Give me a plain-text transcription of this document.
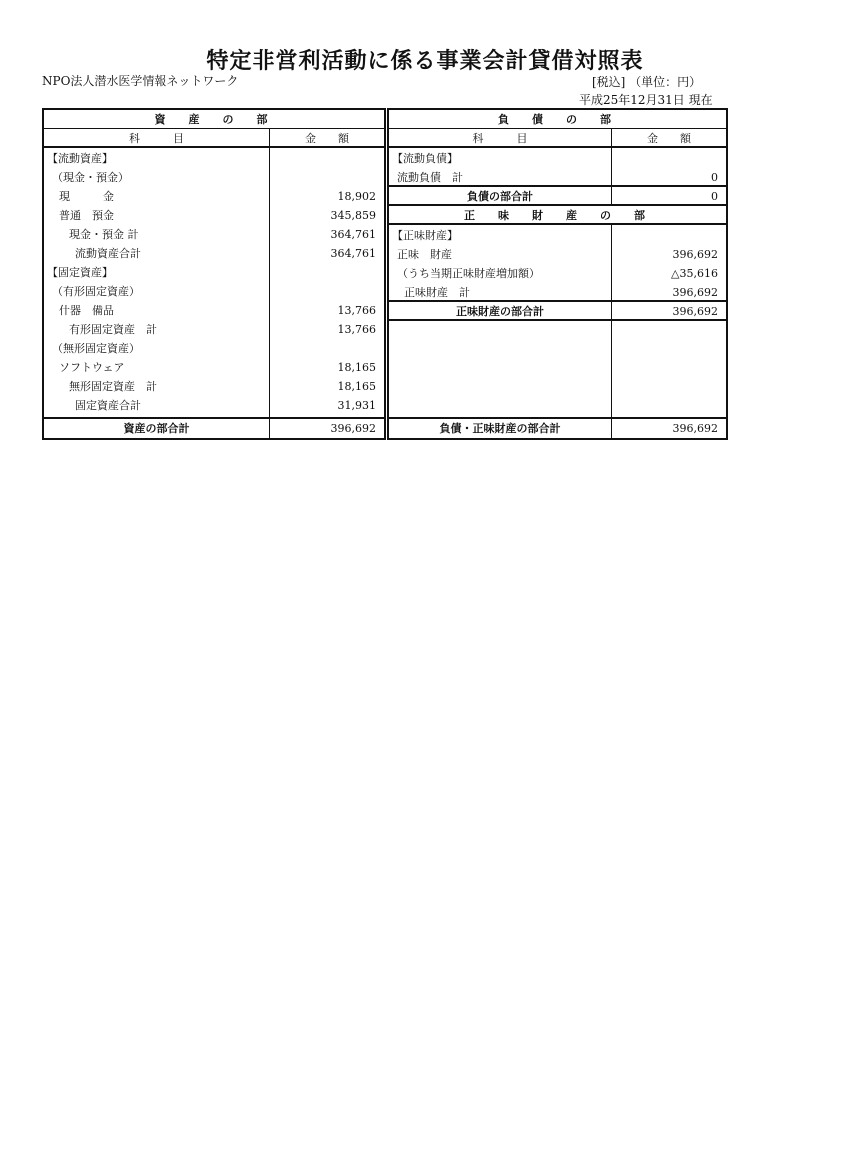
特定非営利活動に係る事業会計貸借対照表
NPO法人潜水医学情報ネットワーク	[税込] （単位：円）
平成25年12月31日 現在
資　産　の　部
科　　　目	金　　額
【流動資産】
（現金・預金）
現　　　金	18,902
普通　預金	345,859
現金・預金 計	364,761
流動資産合計	364,761
【固定資産】
（有形固定資産）
什器　備品	13,766
有形固定資産　計	13,766
（無形固定資産）
ソフトウェア	18,165
無形固定資産　計	18,165
固定資産合計	31,931
資産の部合計	396,692
負　債　の　部
科　　　目	金　　額
【流動負債】
流動負債　計	0
負債の部合計	0
正　味　財　産　の　部
【正味財産】
正味　財産	396,692
（うち当期正味財産増加額）	△35,616
正味財産　計	396,692
正味財産の部合計	396,692
負債・正味財産の部合計	396,692
